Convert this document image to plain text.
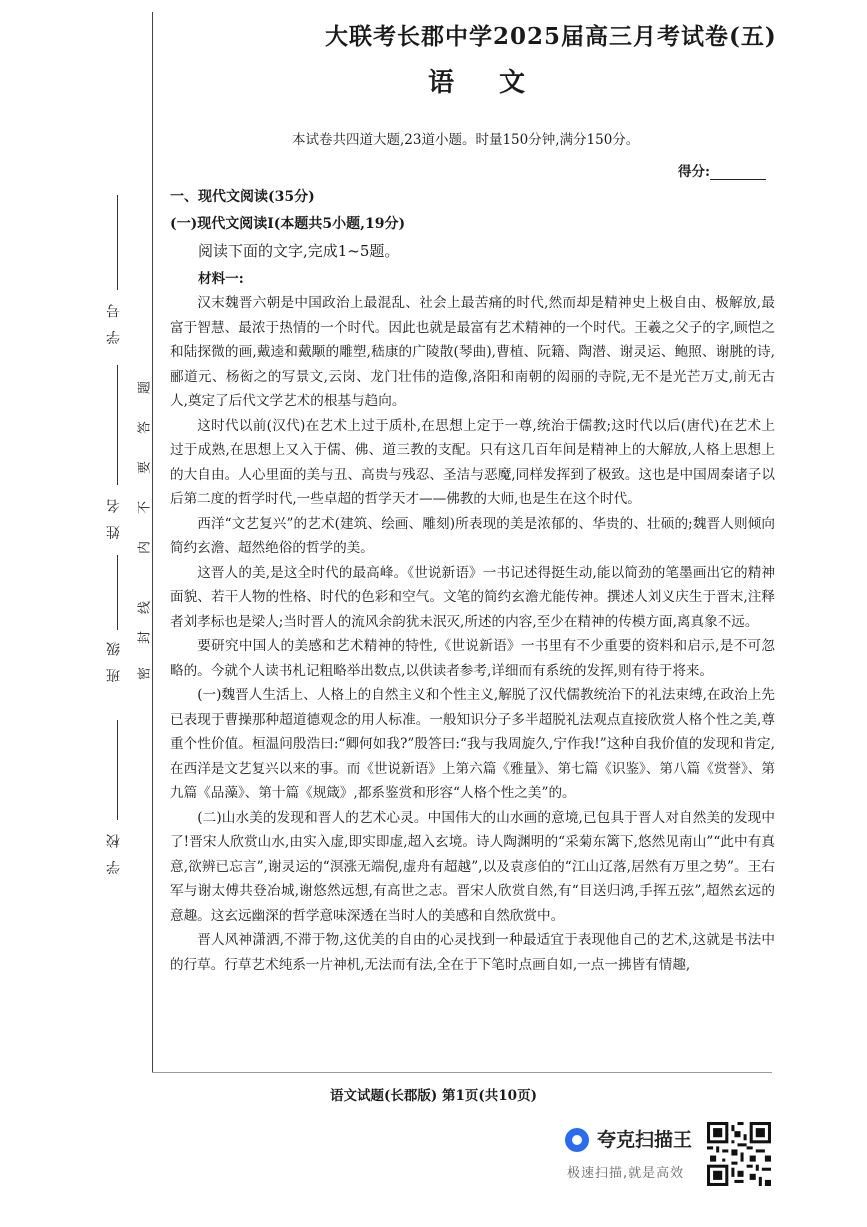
学 号
姓 名
班 级
学 校
题
答
要
不
内
线
封
密
大联考长郡中学2025届高三月考试卷(五)
语 文
本试卷共四道大题,23道小题。时量150分钟,满分150分。
得分:

一、现代文阅读(35分)

(一)现代文阅读Ⅰ(本题共5小题,19分)

阅读下面的文字,完成1~5题。

材料一:

汉末魏晋六朝是中国政治上最混乱、社会上最苦痛的时代,然而却是精神史上极自由、极解放,最富于智慧、最浓于热情的一个时代。因此也就是最富有艺术精神的一个时代。王羲之父子的字,顾恺之和陆探微的画,戴逵和戴颙的雕塑,嵇康的广陵散(琴曲),曹植、阮籍、陶潜、谢灵运、鲍照、谢朓的诗,郦道元、杨衒之的写景文,云岗、龙门壮伟的造像,洛阳和南朝的闳丽的寺院,无不是光芒万丈,前无古人,奠定了后代文学艺术的根基与趋向。

这时代以前(汉代)在艺术上过于质朴,在思想上定于一尊,统治于儒教;这时代以后(唐代)在艺术上过于成熟,在思想上又入于儒、佛、道三教的支配。只有这几百年间是精神上的大解放,人格上思想上的大自由。人心里面的美与丑、高贵与残忍、圣洁与恶魔,同样发挥到了极致。这也是中国周秦诸子以后第二度的哲学时代,一些卓超的哲学天才——佛教的大师,也是生在这个时代。

西洋“文艺复兴”的艺术(建筑、绘画、雕刻)所表现的美是浓郁的、华贵的、壮硕的;魏晋人则倾向简约玄澹、超然绝俗的哲学的美。

这晋人的美,是这全时代的最高峰。《世说新语》一书记述得挺生动,能以简劲的笔墨画出它的精神面貌、若干人物的性格、时代的色彩和空气。文笔的简约玄澹尤能传神。撰述人刘义庆生于晋末,注释者刘孝标也是梁人;当时晋人的流风余韵犹未泯灭,所述的内容,至少在精神的传模方面,离真象不远。

要研究中国人的美感和艺术精神的特性,《世说新语》一书里有不少重要的资料和启示,是不可忽略的。今就个人读书札记粗略举出数点,以供读者参考,详细而有系统的发挥,则有待于将来。

(一)魏晋人生活上、人格上的自然主义和个性主义,解脱了汉代儒教统治下的礼法束缚,在政治上先已表现于曹操那种超道德观念的用人标准。一般知识分子多半超脱礼法观点直接欣赏人格个性之美,尊重个性价值。桓温问殷浩曰:“卿何如我?”殷答曰:“我与我周旋久,宁作我!”这种自我价值的发现和肯定,在西洋是文艺复兴以来的事。而《世说新语》上第六篇《雅量》、第七篇《识鉴》、第八篇《赏誉》、第九篇《品藻》、第十篇《规箴》,都系鉴赏和形容“人格个性之美”的。

(二)山水美的发现和晋人的艺术心灵。中国伟大的山水画的意境,已包具于晋人对自然美的发现中了!晋宋人欣赏山水,由实入虚,即实即虚,超入玄境。诗人陶渊明的“采菊东篱下,悠然见南山”“此中有真意,欲辨已忘言”,谢灵运的“溟涨无端倪,虚舟有超越”,以及袁彦伯的“江山辽落,居然有万里之势”。王右军与谢太傅共登冶城,谢悠然远想,有高世之志。晋宋人欣赏自然,有“目送归鸿,手挥五弦”,超然玄远的意趣。这玄远幽深的哲学意味深透在当时人的美感和自然欣赏中。

晋人风神潇洒,不滞于物,这优美的自由的心灵找到一种最适宜于表现他自己的艺术,这就是书法中的行草。行草艺术纯系一片神机,无法而有法,全在于下笔时点画自如,一点一拂皆有情趣,

语文试题(长郡版) 第1页(共10页)
夸克扫描王
极速扫描,就是高效
